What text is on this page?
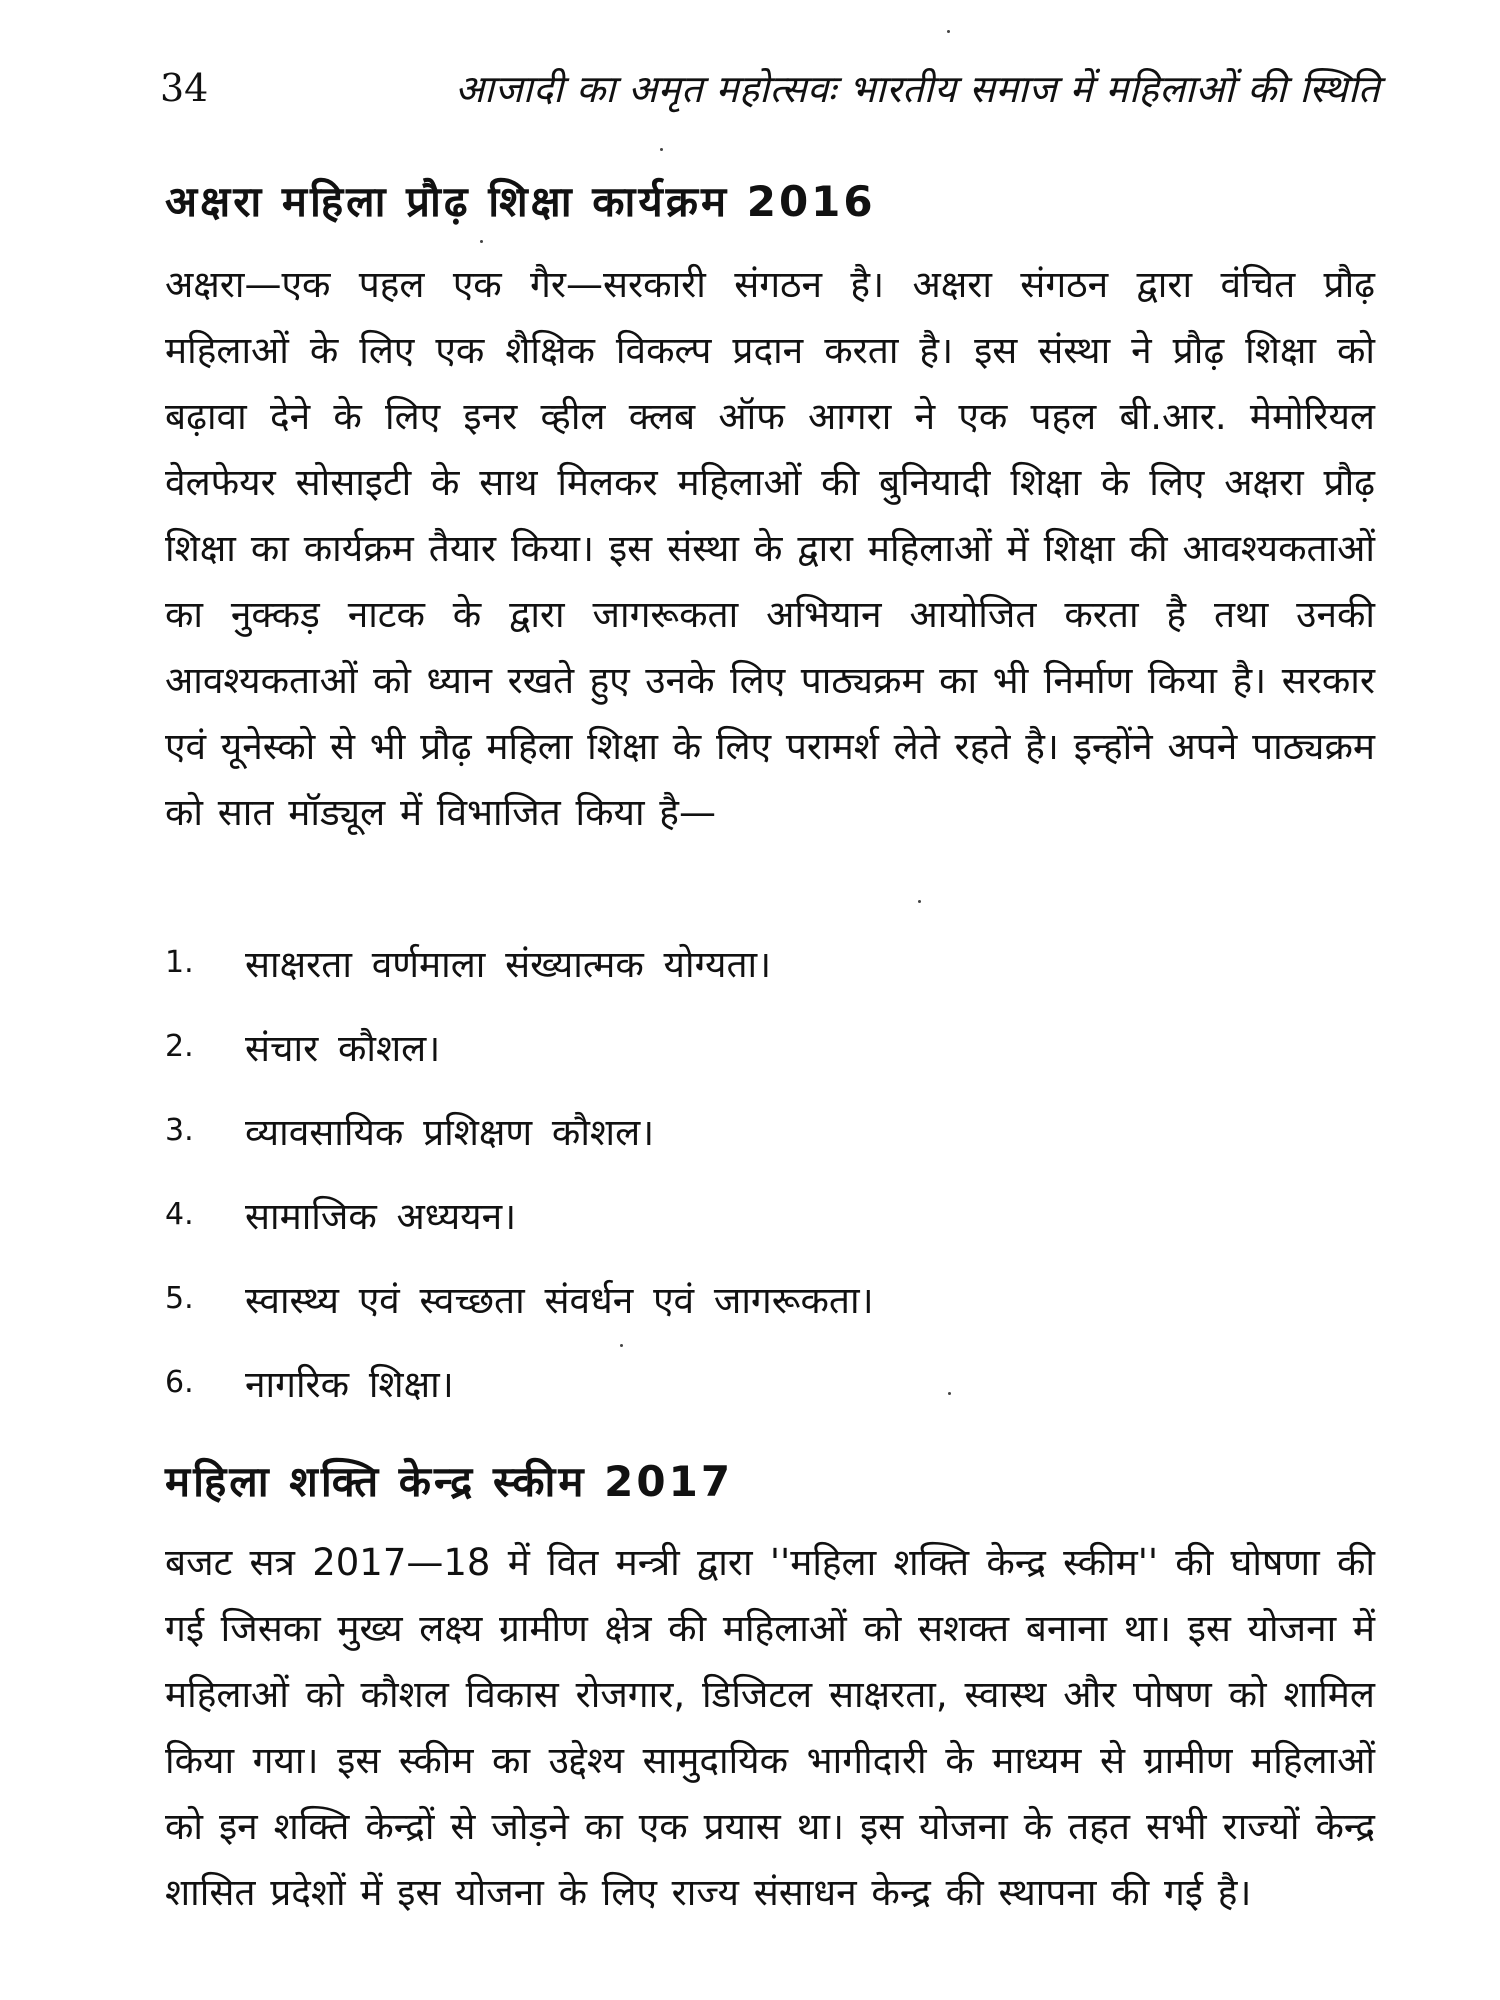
34	आजादी का अमृत महोत्सवः भारतीय समाज में महिलाओं की स्थिति
अक्षरा महिला प्रौढ़ शिक्षा कार्यक्रम 2016
अक्षरा—एक पहल एक गैर—सरकारी संगठन है। अक्षरा संगठन द्वारा वंचित प्रौढ़ महिलाओं के लिए एक शैक्षिक विकल्प प्रदान करता है। इस संस्था ने प्रौढ़ शिक्षा को बढ़ावा देने के लिए इनर व्हील क्लब ऑफ आगरा ने एक पहल बी.आर. मेमोरियल वेलफेयर सोसाइटी के साथ मिलकर महिलाओं की बुनियादी शिक्षा के लिए अक्षरा प्रौढ़ शिक्षा का कार्यक्रम तैयार किया। इस संस्था के द्वारा महिलाओं में शिक्षा की आवश्यकताओं का नुक्कड़ नाटक के द्वारा जागरूकता अभियान आयोजित करता है तथा उनकी आवश्यकताओं को ध्यान रखते हुए उनके लिए पाठ्यक्रम का भी निर्माण किया है। सरकार एवं यूनेस्को से भी प्रौढ़ महिला शिक्षा के लिए परामर्श लेते रहते है। इन्होंने अपने पाठ्यक्रम को सात मॉड्यूल में विभाजित किया है—
1.	साक्षरता वर्णमाला संख्यात्मक योग्यता।
2.	संचार कौशल।
3.	व्यावसायिक प्रशिक्षण कौशल।
4.	सामाजिक अध्ययन।
5.	स्वास्थ्य एवं स्वच्छता संवर्धन एवं जागरूकता।
6.	नागरिक शिक्षा।
महिला शक्ति केन्द्र स्कीम 2017
बजट सत्र 2017—18 में वित मन्त्री द्वारा ''महिला शक्ति केन्द्र स्कीम'' की घोषणा की गई जिसका मुख्य लक्ष्य ग्रामीण क्षेत्र की महिलाओं को सशक्त बनाना था। इस योजना में महिलाओं को कौशल विकास रोजगार, डिजिटल साक्षरता, स्वास्थ और पोषण को शामिल किया गया। इस स्कीम का उद्देश्य सामुदायिक भागीदारी के माध्यम से ग्रामीण महिलाओं को इन शक्ति केन्द्रों से जोड़ने का एक प्रयास था। इस योजना के तहत सभी राज्यों केन्द्र शासित प्रदेशों में इस योजना के लिए राज्य संसाधन केन्द्र की स्थापना की गई है।
